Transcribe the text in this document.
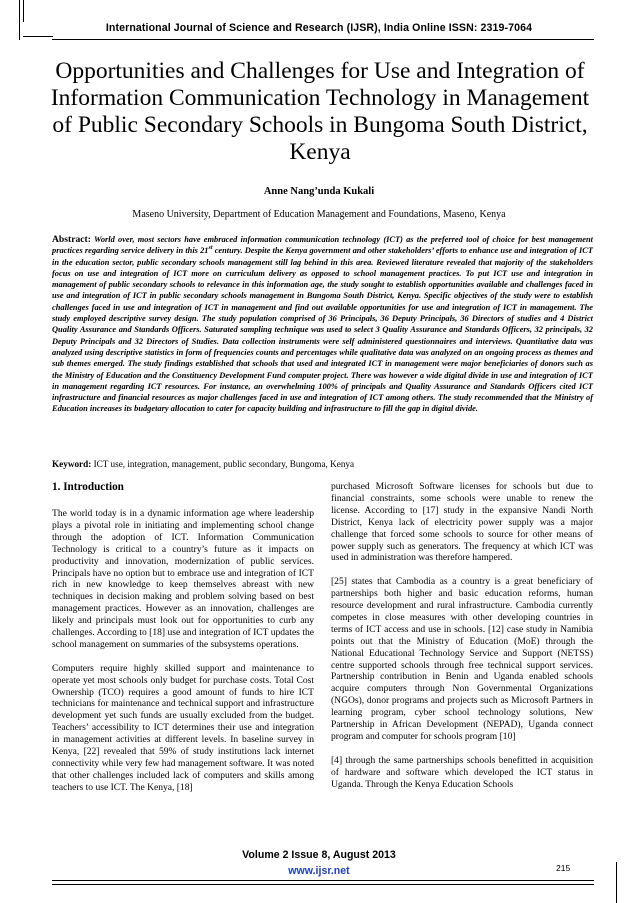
International Journal of Science and Research (IJSR), India Online ISSN: 2319-7064
Opportunities and Challenges for Use and Integration of Information Communication Technology in Management of Public Secondary Schools in Bungoma South District, Kenya
Anne Nang’unda Kukali
Maseno University, Department of Education Management and Foundations, Maseno, Kenya
Abstract: World over, most sectors have embraced information communication technology (ICT) as the preferred tool of choice for best management practices regarding service delivery in this 21st century. Despite the Kenya government and other stakeholders’ efforts to enhance use and integration of ICT in the education sector, public secondary schools management still lag behind in this area. Reviewed literature revealed that majority of the stakeholders focus on use and integration of ICT more on curriculum delivery as opposed to school management practices. To put ICT use and integration in management of public secondary schools to relevance in this information age, the study sought to establish opportunities available and challenges faced in use and integration of ICT in public secondary schools management in Bungoma South District, Kenya. Specific objectives of the study were to establish challenges faced in use and integration of ICT in management and find out available opportunities for use and integration of ICT in management. The study employed descriptive survey design. The study population comprised of 36 Principals, 36 Deputy Principals, 36 Directors of studies and 4 District Quality Assurance and Standards Officers. Saturated sampling technique was used to select 3 Quality Assurance and Standards Officers, 32 principals, 32 Deputy Principals and 32 Directors of Studies. Data collection instruments were self administered questionnaires and interviews. Quantitative data was analyzed using descriptive statistics in form of frequencies counts and percentages while qualitative data was analyzed on an ongoing process as themes and sub themes emerged. The study findings established that schools that used and integrated ICT in management were major beneficiaries of donors such as the Ministry of Education and the Constituency Development Fund computer project. There was however a wide digital divide in use and integration of ICT in management regarding ICT resources. For instance, an overwhelming 100% of principals and Quality Assurance and Standards Officers cited ICT infrastructure and financial resources as major challenges faced in use and integration of ICT among others. The study recommended that the Ministry of Education increases its budgetary allocation to cater for capacity building and infrastructure to fill the gap in digital divide.
Keyword: ICT use, integration, management, public secondary, Bungoma, Kenya
1. Introduction

The world today is in a dynamic information age where leadership plays a pivotal role in initiating and implementing school change through the adoption of ICT. Information Communication Technology is critical to a country’s future as it impacts on productivity and innovation, modernization of public services. Principals have no option but to embrace use and integration of ICT rich in new knowledge to keep themselves abreast with new techniques in decision making and problem solving based on best management practices. However as an innovation, challenges are likely and principals must look out for opportunities to curb any challenges. According to [18] use and integration of ICT updates the school management on summaries of the subsystems operations.

Computers require highly skilled support and maintenance to operate yet most schools only budget for purchase costs. Total Cost Ownership (TCO) requires a good amount of funds to hire ICT technicians for maintenance and technical support and infrastructure development yet such funds are usually excluded from the budget. Teachers’ accessibility to ICT determines their use and integration in management activities at different levels. In baseline survey in Kenya, [22] revealed that 59% of study institutions lack internet connectivity while very few had management software. It was noted that other challenges included lack of computers and skills among teachers to use ICT. The Kenya, [18]

purchased Microsoft Software licenses for schools but due to financial constraints, some schools were unable to renew the license. According to [17] study in the expansive Nandi North District, Kenya lack of electricity power supply was a major challenge that forced some schools to source for other means of power supply such as generators. The frequency at which ICT was used in administration was therefore hampered.

[25] states that Cambodia as a country is a great beneficiary of partnerships both higher and basic education reforms, human resource development and rural infrastructure. Cambodia currently competes in close measures with other developing countries in terms of ICT access and use in schools. [12] case study in Namibia points out that the Ministry of Education (MoE) through the National Educational Technology Service and Support (NETSS) centre supported schools through free technical support services. Partnership contribution in Benin and Uganda enabled schools acquire computers through Non Governmental Organizations (NGOs), donor programs and projects such as Microsoft Partners in learning program, cyber school technology solutions, New Partnership in African Development (NEPAD), Uganda connect program and computer for schools program [10]

[4] through the same partnerships schools benefitted in acquisition of hardware and software which developed the ICT status in Uganda. Through the Kenya Education Schools

Volume 2 Issue 8, August 2013
www.ijsr.net	215
